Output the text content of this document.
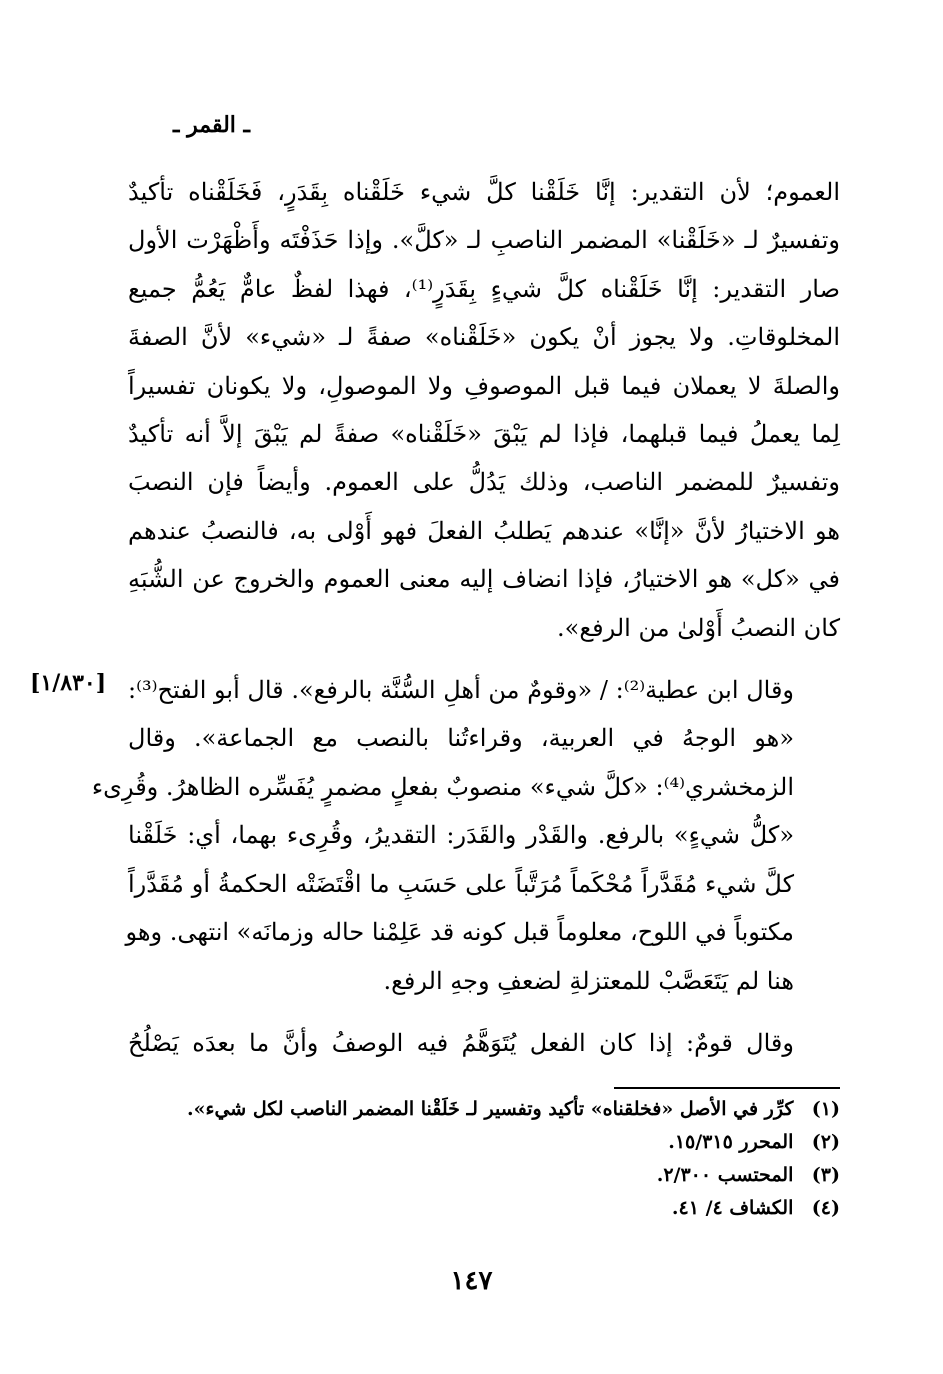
ـ القمر ـ
[١/٨٣٠]

العموم؛ لأن التقدير: إنَّا خَلَقْنا كلَّ شيء خَلَقْناه بِقَدَرٍ، فَخَلَقْناه تأكيدٌ
وتفسيرٌ لـ «خَلَقْنا» المضمر الناصبِ لـ «كلَّ». وإذا حَذَفْتَه وأَظْهَرْت الأول
صار التقدير: إنَّا خَلَقْناه كلَّ شيءٍ بِقَدَرٍ⁽¹⁾، فهذا لفظٌ عامٌّ يَعُمُّ جميع
المخلوقاتِ. ولا يجوز أنْ يكون «خَلَقْناه» صفةً لـ «شيء» لأنَّ الصفةَ
والصلةَ لا يعملان فيما قبل الموصوفِ ولا الموصولِ، ولا يكونان تفسيراً
لِما يعملُ فيما قبلهما، فإذا لم يَبْقَ «خَلَقْناه» صفةً لم يَبْقَ إلاَّ أنه تأكيدٌ
وتفسيرٌ للمضمر الناصب، وذلك يَدُلُّ على العموم. وأيضاً فإن النصبَ
هو الاختيارُ لأنَّ «إنَّا» عندهم يَطلبُ الفعلَ فهو أَوْلى به، فالنصبُ عندهم
في «كل» هو الاختيارُ، فإذا انضاف إليه معنى العموم والخروج عن الشُّبَهِ
كان النصبُ أَوْلىٰ من الرفع».

وقال ابن عطية⁽²⁾: / «وقومٌ من أهلِ السُّنَّة بالرفع». قال أبو الفتح⁽³⁾:
«هو الوجهُ في العربية، وقراءتُنا بالنصب مع الجماعة». وقال
الزمخشري⁽⁴⁾: «كلَّ شيء» منصوبٌ بفعلٍ مضمرٍ يُفَسِّره الظاهرُ. وقُرِىء
«كلُّ شيءٍ» بالرفع. والقَدْر والقَدَر: التقديرُ، وقُرِىء بهما، أي: خَلَقْنا
كلَّ شيء مُقَدَّراً مُحْكَماً مُرَتَّباً على حَسَبِ ما اقْتَضَتْه الحكمةُ أو مُقَدَّراً
مكتوباً في اللوح، معلوماً قبل كونه قد عَلِمْنا حاله وزمانَه» انتهى. وهو
هنا لم يَتَعَصَّبْ للمعتزلةِ لضعفِ وجهِ الرفع.

وقال قومٌ: إذا كان الفعل يُتَوَهَّمُ فيه الوصفُ وأنَّ ما بعدَه يَصْلُحُ

(١) كرِّر في الأصل «فخلقناه» تأكيد وتفسير لـ خَلَقْنا المضمر الناصب لكل شيء».
(٢) المحرر ١٥/٣١٥.
(٣) المحتسب ٢/٣٠٠.
(٤) الكشاف ٤/ ٤١.
١٤٧
